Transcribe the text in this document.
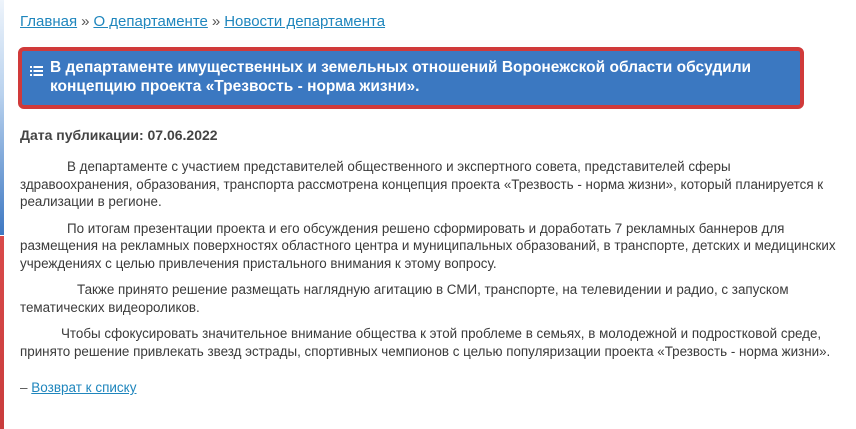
Главная » О департаменте » Новости департамента
В департаменте имущественных и земельных отношений Воронежской области обсудили концепцию проекта «Трезвость - норма жизни».
Дата публикации: 07.06.2022

В департаменте с участием представителей общественного и экспертного совета, представителей сферы здравоохранения, образования, транспорта рассмотрена концепция проекта «Трезвость - норма жизни», который планируется к реализации в регионе.

По итогам презентации проекта и его обсуждения решено сформировать и доработать 7 рекламных баннеров для размещения на рекламных поверхностях областного центра и муниципальных образований, в транспорте, детских и медицинских учреждениях с целью привлечения пристального внимания к этому вопросу.

Также принято решение размещать наглядную агитацию в СМИ, транспорте, на телевидении и радио, с запуском тематических видеороликов.

Чтобы сфокусировать значительное внимание общества к этой проблеме в семьях, в молодежной и подростковой среде, принято решение привлекать звезд эстрады, спортивных чемпионов с целью популяризации проекта «Трезвость - норма жизни».

– Возврат к списку
